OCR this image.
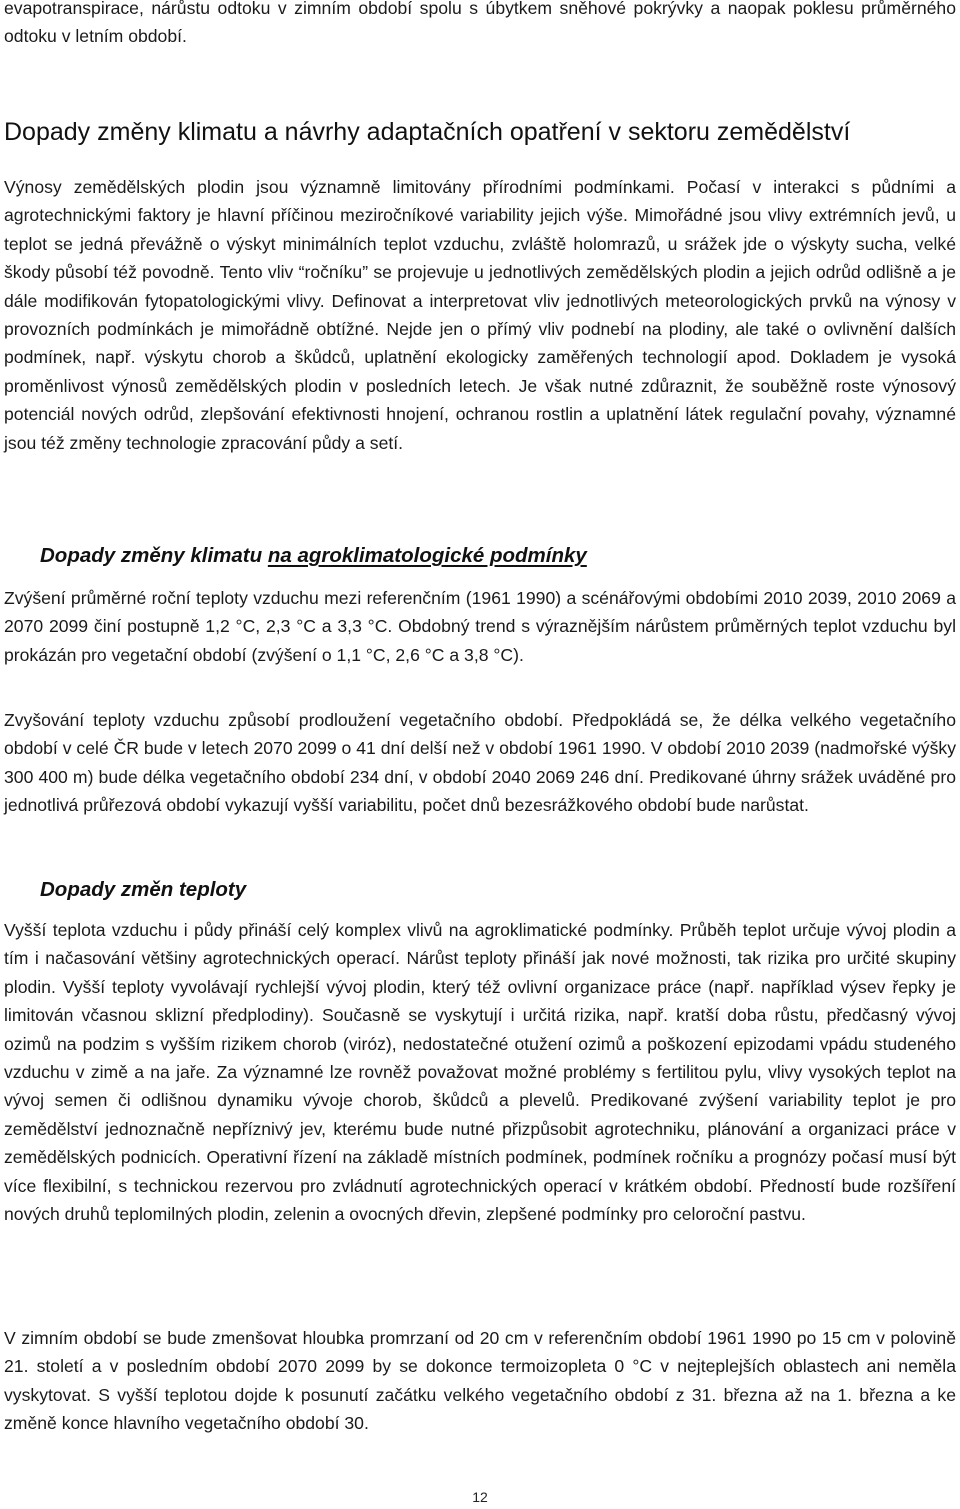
evapotranspirace, nárůstu odtoku v zimním období spolu s úbytkem sněhové pokrývky a naopak poklesu průměrného odtoku v letním období.

Dopady změny klimatu a návrhy adaptačních opatření v sektoru zemědělství

Výnosy zemědělských plodin jsou významně limitovány přírodními podmínkami. Počasí v interakci s půdními a agrotechnickými faktory je hlavní příčinou meziročníkové variability jejich výše. Mimořádné jsou vlivy extrémních jevů, u teplot se jedná převážně o výskyt minimálních teplot vzduchu, zvláště holomrazů, u srážek jde o výskyty sucha, velké škody působí též povodně. Tento vliv “ročníku” se projevuje u jednotlivých zemědělských plodin a jejich odrůd odlišně a je dále modifikován fytopatologickými vlivy. Definovat a interpretovat vliv jednotlivých meteorologických prvků na výnosy v provozních podmínkách je mimořádně obtížné. Nejde jen o přímý vliv podnebí na plodiny, ale také o ovlivnění dalších podmínek, např. výskytu chorob a škůdců, uplatnění ekologicky zaměřených technologií apod. Dokladem je vysoká proměnlivost výnosů zemědělských plodin v posledních letech. Je však nutné zdůraznit, že souběžně roste výnosový potenciál nových odrůd, zlepšování efektivnosti hnojení, ochranou rostlin a uplatnění látek regulační povahy, významné jsou též změny technologie zpracování půdy a setí.

Dopady změny klimatu na agroklimatologické podmínky

Zvýšení průměrné roční teploty vzduchu mezi referenčním (1961 1990) a scénářovými obdobími 2010 2039, 2010 2069 a 2070 2099 činí postupně 1,2 °C, 2,3 °C a 3,3 °C. Obdobný trend s výraznějším nárůstem průměrných teplot vzduchu byl prokázán pro vegetační období (zvýšení o 1,1 °C, 2,6 °C a 3,8 °C).

Zvyšování teploty vzduchu způsobí prodloužení vegetačního období. Předpokládá se, že délka velkého vegetačního období v celé ČR bude v letech 2070 2099 o 41 dní delší než v období 1961 1990. V období 2010 2039 (nadmořské výšky 300 400 m) bude délka vegetačního období 234 dní, v období 2040 2069 246 dní. Predikované úhrny srážek uváděné pro jednotlivá průřezová období vykazují vyšší variabilitu, počet dnů bezesrážkového období bude narůstat.

Dopady změn teploty

Vyšší teplota vzduchu i půdy přináší celý komplex vlivů na agroklimatické podmínky. Průběh teplot určuje vývoj plodin a tím i načasování většiny agrotechnických operací. Nárůst teploty přináší jak nové možnosti, tak rizika pro určité skupiny plodin. Vyšší teploty vyvolávají rychlejší vývoj plodin, který též ovlivní organizace práce (např. například výsev řepky je limitován včasnou sklizní předplodiny). Současně se vyskytují i určitá rizika, např. kratší doba růstu, předčasný vývoj ozimů na podzim s vyšším rizikem chorob (viróz), nedostatečné otužení ozimů a poškození epizodami vpádu studeného vzduchu v zimě a na jaře. Za významné lze rovněž považovat možné problémy s fertilitou pylu, vlivy vysokých teplot na vývoj semen či odlišnou dynamiku vývoje chorob, škůdců a plevelů. Predikované zvýšení variability teplot je pro zemědělství jednoznačně nepříznivý jev, kterému bude nutné přizpůsobit agrotechniku, plánování a organizaci práce v zemědělských podnicích. Operativní řízení na základě místních podmínek, podmínek ročníku a prognózy počasí musí být více flexibilní, s technickou rezervou pro zvládnutí agrotechnických operací v krátkém období. Předností bude rozšíření nových druhů teplomilných plodin, zelenin a ovocných dřevin, zlepšené podmínky pro celoroční pastvu.

V zimním období se bude zmenšovat hloubka promrzaní od 20 cm v referenčním období 1961 1990 po 15 cm v polovině 21. století a v posledním období 2070 2099 by se dokonce termoizopleta 0 °C v nejteplejších oblastech ani neměla vyskytovat. S vyšší teplotou dojde k posunutí začátku velkého vegetačního období z 31. března až na 1. března a ke změně konce hlavního vegetačního období 30.

12
